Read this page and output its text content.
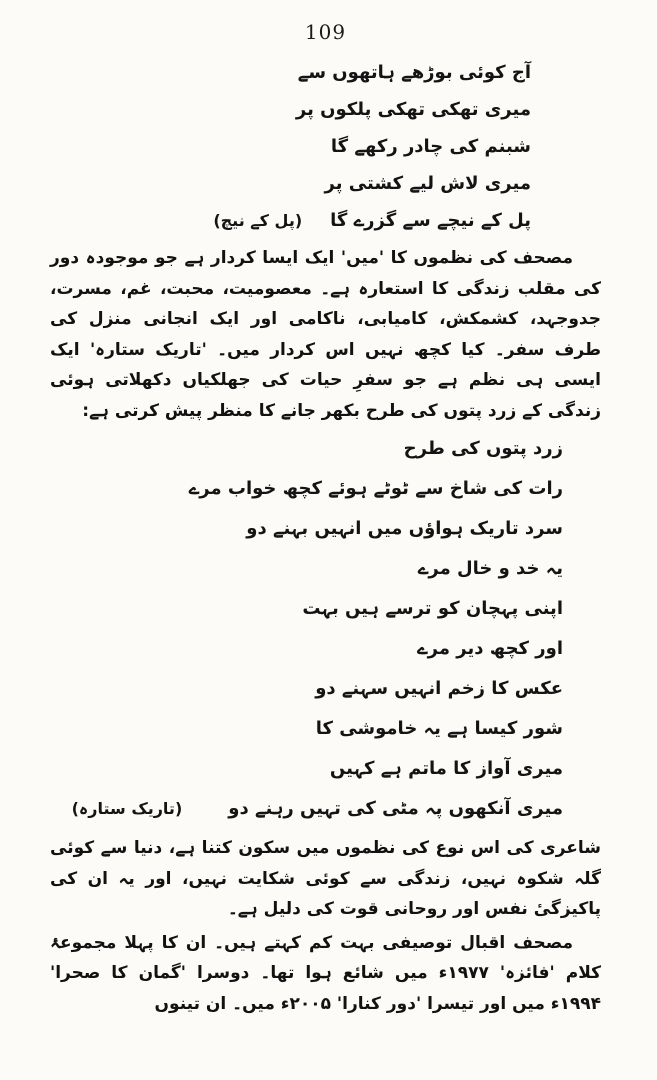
109
آج کوئی بوڑھے ہاتھوں سے
میری تھکی تھکی پلکوں پر
شبنم کی چادر رکھے گا
میری لاش لیے کشتی پر
پل کے نیچے سے گزرے گا
(پل کے نیچ)

مصحف کی نظموں کا 'میں' ایک ایسا کردار ہے جو موجودہ دور کی مقلب زندگی کا استعارہ ہے۔ معصومیت، محبت، غم، مسرت، جدوجہد، کشمکش، کامیابی، ناکامی اور ایک انجانی منزل کی طرف سفر۔ کیا کچھ نہیں اس کردار میں۔ 'تاریک ستارہ' ایک ایسی ہی نظم ہے جو سفرِ حیات کی جھلکیاں دکھلاتی ہوئی زندگی کے زرد پتوں کی طرح بکھر جانے کا منظر پیش کرتی ہے:

زرد پتوں کی طرح
رات کی شاخ سے ٹوٹے ہوئے کچھ خواب مرے
سرد تاریک ہواؤں میں انہیں بہنے دو
یہ خد و خال مرے
اپنی پہچان کو ترسے ہیں بہت
اور کچھ دیر مرے
عکس کا زخم انہیں سہنے دو
شور کیسا ہے یہ خاموشی کا
میری آواز کا ماتم ہے کہیں
میری آنکھوں پہ مٹی کی تہیں رہنے دو
(تاریک ستارہ)

شاعری کی اس نوع کی نظموں میں سکون کتنا ہے، دنیا سے کوئی گلہ شکوہ نہیں، زندگی سے کوئی شکایت نہیں، اور یہ ان کی پاکیزگیٔ نفس اور روحانی قوت کی دلیل ہے۔

مصحف اقبال توصیفی بہت کم کہتے ہیں۔ ان کا پہلا مجموعۂ کلام 'فائزہ' ۱۹۷۷ء میں شائع ہوا تھا۔ دوسرا 'گمان کا صحرا' ۱۹۹۴ء میں اور تیسرا 'دور کنارا' ۲۰۰۵ء میں۔ ان تینوں
